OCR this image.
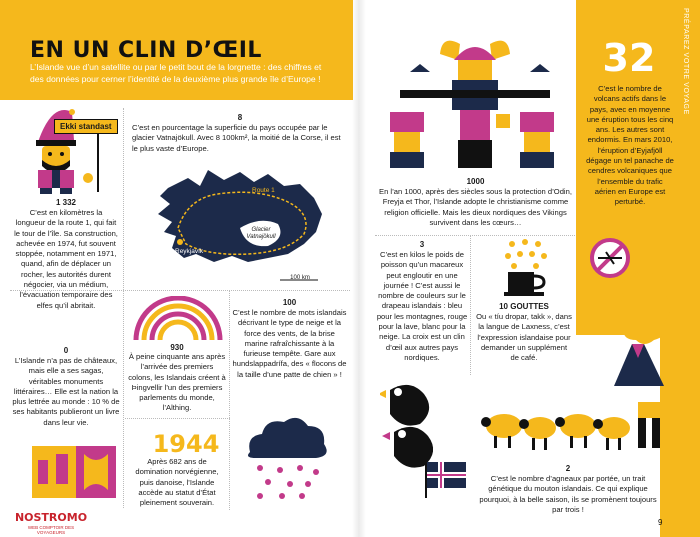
EN UN CLIN D’ŒIL
L’Islande vue d’un satellite ou par le petit bout de la lorgnette : des chiffres et des données pour cerner l’identité de la deuxième plus grande île d’Europe !	PRÉPAREZ VOTRE VOYAGE
Ekki standast
1 332
C’est en kilomètres la longueur de la route 1, qui fait le tour de l’île. Sa construction, achevée en 1974, fut souvent stoppée, notamment en 1971, quand, afin de déplacer un rocher, les autorités durent négocier, via un médium, l’évacuation temporaire des elfes qu’il abritait.
8
C’est en pourcentage la superficie du pays occupée par le glacier Vatnajökull. Avec 8 100km², la moitié de la Corse, il est le plus vaste d’Europe.
Route 1
Reykjavík
Glacier
Vatnajökull
100 km
0
L’Islande n’a pas de châteaux, mais elle a ses sagas, véritables monuments littéraires… Elle est la nation la plus lettrée au monde : 10 % de ses habitants publieront un livre dans leur vie.
930
À peine cinquante ans après l’arrivée des premiers colons, les Islandais créent à Þingvellir l’un des premiers parlements du monde, l’Althing.
1944
Après 682 ans de domination norvégienne, puis danoise, l’Islande accède au statut d’État pleinement souverain.
100
C’est le nombre de mots islandais décrivant le type de neige et la force des vents, de la brise marine rafraîchissante à la furieuse tempête. Gare aux hundslappadrífa, des « flocons de la taille d’une patte de chien » !
1000
En l’an 1000, après des siècles sous la protection d’Odin, Freyja et Thor, l’Islande adopte le christianisme comme religion officielle. Mais les dieux nordiques des Vikings survivent dans les cœurs…
3
C’est en kilos le poids de poisson qu’un macareux peut engloutir en une journée ! C’est aussi le nombre de couleurs sur le drapeau islandais : bleu pour les montagnes, rouge pour la lave, blanc pour la neige. La croix est un clin d’œil aux autres pays nordiques.
10 GOUTTES
Ou « tíu dropar, takk », dans la langue de Laxness, c’est l’expression islandaise pour demander un supplément de café.
32
C’est le nombre de volcans actifs dans le pays, avec en moyenne une éruption tous les cinq ans. Les autres sont endormis. En mars 2010, l’éruption d’Eyjafjöll dégage un tel panache de cendres volcaniques que l’ensemble du trafic aérien en Europe est perturbé.
2
C’est le nombre d’agneaux par portée, un trait génétique du mouton islandais. Ce qui explique pourquoi, à la belle saison, ils se promènent toujours par trois !
NOSTROMO
WEB COMPTOIR DES VOYAGEURS
9
